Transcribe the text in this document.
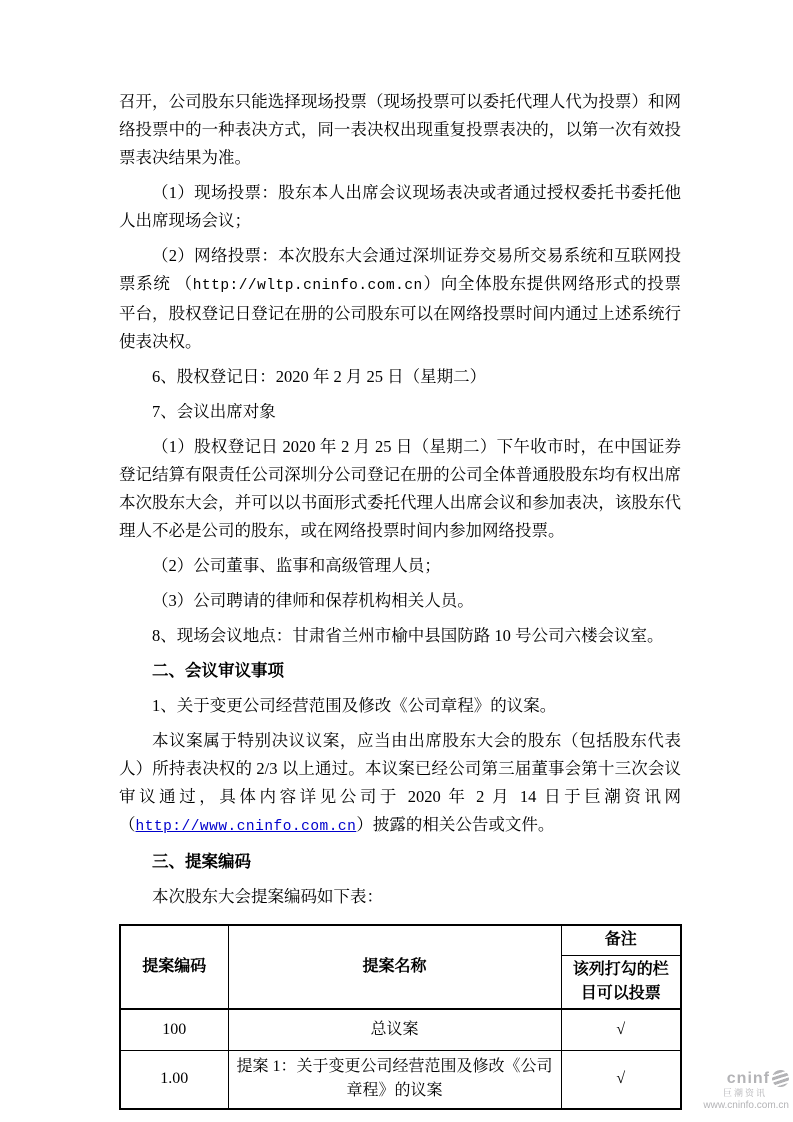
召开，公司股东只能选择现场投票（现场投票可以委托代理人代为投票）和网络投票中的一种表决方式，同一表决权出现重复投票表决的，以第一次有效投票表决结果为准。

（1）现场投票：股东本人出席会议现场表决或者通过授权委托书委托他人出席现场会议；

（2）网络投票：本次股东大会通过深圳证券交易所交易系统和互联网投票系统 （http://wltp.cninfo.com.cn）向全体股东提供网络形式的投票平台，股权登记日登记在册的公司股东可以在网络投票时间内通过上述系统行使表决权。

6、股权登记日：2020 年 2 月 25 日（星期二）

7、会议出席对象

（1）股权登记日 2020 年 2 月 25 日（星期二）下午收市时，在中国证券登记结算有限责任公司深圳分公司登记在册的公司全体普通股股东均有权出席本次股东大会，并可以以书面形式委托代理人出席会议和参加表决，该股东代理人不必是公司的股东，或在网络投票时间内参加网络投票。

（2）公司董事、监事和高级管理人员；

（3）公司聘请的律师和保荐机构相关人员。

8、现场会议地点：甘肃省兰州市榆中县国防路 10 号公司六楼会议室。

二、会议审议事项

1、关于变更公司经营范围及修改《公司章程》的议案。

本议案属于特别决议议案，应当由出席股东大会的股东（包括股东代表人）所持表决权的 2/3 以上通过。本议案已经公司第三届董事会第十三次会议审议通过，具体内容详见公司于 2020 年 2 月 14 日于巨潮资讯网（http://www.cninfo.com.cn）披露的相关公告或文件。

三、提案编码

本次股东大会提案编码如下表：

提案编码	提案名称	备注
		该列打勾的栏目可以投票
100	总议案	√
1.00	提案 1：关于变更公司经营范围及修改《公司章程》的议案	√	cninf
巨潮资讯
www.cninfo.com.cn
